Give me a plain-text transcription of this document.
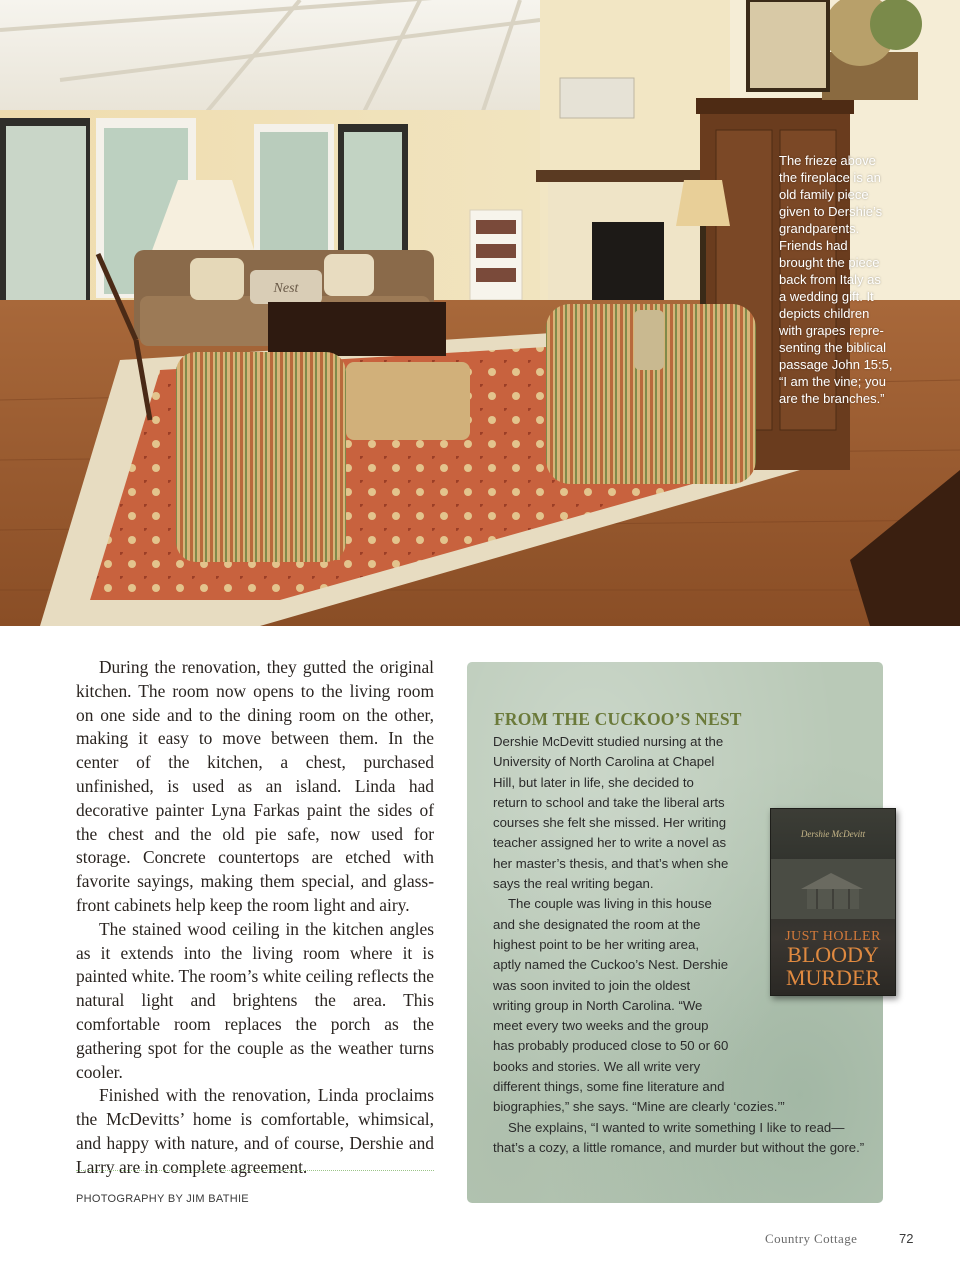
Nest
The frieze above
the fireplace is an
old family piece
given to Dershie’s
grandparents.
Friends had
brought the piece
back from Italy as
a wedding gift. It
depicts children
with grapes repre-
senting the biblical
passage John 15:5,
“I am the vine; you
are the branches.”

During the renovation, they gutted the original kitchen. The room now opens to the living room on one side and to the dining room on the other, making it easy to move between them. In the center of the kitchen, a chest, purchased unfinished, is used as an island. Linda had decorative painter Lyna Farkas paint the sides of the chest and the old pie safe, now used for storage. Concrete countertops are etched with favorite sayings, making them special, and glass-front cabinets help keep the room light and airy.

The stained wood ceiling in the kitchen angles as it extends into the living room where it is painted white. The room’s white ceiling reflects the natural light and brightens the area. This comfortable room replaces the porch as the gathering spot for the couple as the weather turns cooler.

Finished with the renovation, Linda proclaims the McDevitts’ home is comfortable, whimsical, and happy with nature, and of course, Dershie and Larry are in complete agreement.

PHOTOGRAPHY BY JIM BATHIE
FROM THE CUCKOO’S NEST

Dershie McDevitt studied nursing at the University of North Carolina at Chapel Hill, but later in life, she decided to return to school and take the liberal arts courses she felt she missed. Her writing teacher assigned her to write a novel as her master’s thesis, and that’s when she says the real writing began.

The couple was living in this house and she designated the room at the highest point to be her writing area, aptly named the Cuckoo’s Nest. Dershie was soon invited to join the oldest writing group in North Carolina. “We meet every two weeks and the group has probably produced close to 50 or 60 books and stories. We all write very different things, some fine literature and biographies,” she says. “Mine are clearly ‘cozies.’”

She explains, “I wanted to write something I like to read—that’s a cozy, a little romance, and murder but without the gore.”

Dershie McDevitt
JUST HOLLER
BLOODY MURDER
Country Cottage	72
